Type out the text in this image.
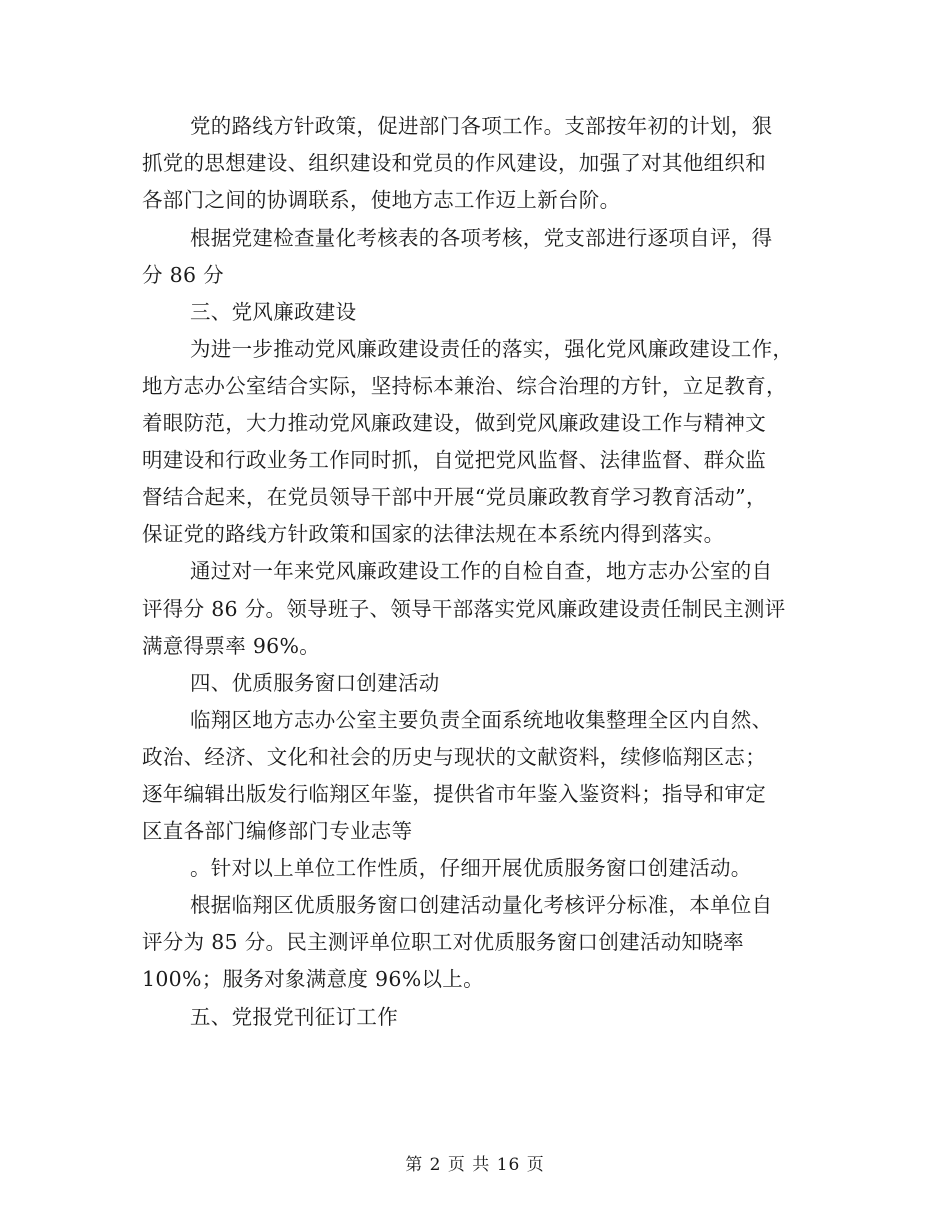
党的路线方针政策，促进部门各项工作。支部按年初的计划，狠
抓党的思想建设、组织建设和党员的作风建设，加强了对其他组织和
各部门之间的协调联系，使地方志工作迈上新台阶。
根据党建检查量化考核表的各项考核，党支部进行逐项自评，得
分 86 分
三、党风廉政建设
为进一步推动党风廉政建设责任的落实，强化党风廉政建设工作，
地方志办公室结合实际，坚持标本兼治、综合治理的方针，立足教育，
着眼防范，大力推动党风廉政建设，做到党风廉政建设工作与精神文
明建设和行政业务工作同时抓，自觉把党风监督、法律监督、群众监
督结合起来，在党员领导干部中开展“党员廉政教育学习教育活动”，
保证党的路线方针政策和国家的法律法规在本系统内得到落实。
通过对一年来党风廉政建设工作的自检自查，地方志办公室的自
评得分 86 分。领导班子、领导干部落实党风廉政建设责任制民主测评
满意得票率 96%。
四、优质服务窗口创建活动
临翔区地方志办公室主要负责全面系统地收集整理全区内自然、
政治、经济、文化和社会的历史与现状的文献资料，续修临翔区志；
逐年编辑出版发行临翔区年鉴，提供省市年鉴入鉴资料；指导和审定
区直各部门编修部门专业志等
。针对以上单位工作性质，仔细开展优质服务窗口创建活动。
根据临翔区优质服务窗口创建活动量化考核评分标准，本单位自
评分为 85 分。民主测评单位职工对优质服务窗口创建活动知晓率
100%；服务对象满意度 96%以上。
五、党报党刊征订工作
第 2 页 共 16 页
